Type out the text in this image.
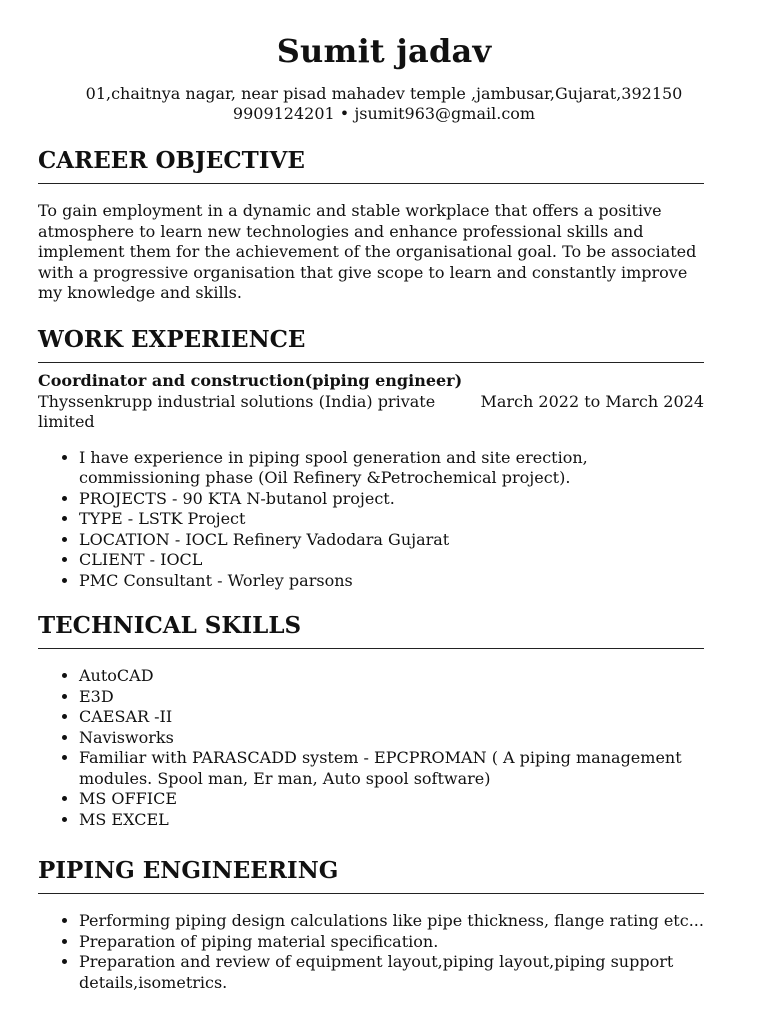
Sumit jadav
01,chaitnya nagar, near pisad mahadev temple ,jambusar,Gujarat,392150
9909124201 • jsumit963@gmail.com
CAREER OBJECTIVE
To gain employment in a dynamic and stable workplace that offers a positive atmosphere to learn new technologies and enhance professional skills and implement them for the achievement of the organisational goal. To be associated with a progressive organisation that give scope to learn and constantly improve my knowledge and skills.
WORK EXPERIENCE
Coordinator and construction(piping engineer)
Thyssenkrupp industrial solutions (India) private limited
March 2022 to March 2024
• I have experience in piping spool generation and site erection, commissioning phase (Oil Refinery &Petrochemical project).
• PROJECTS - 90 KTA N-butanol project.
• TYPE - LSTK Project
• LOCATION - IOCL Refinery Vadodara Gujarat
• CLIENT - IOCL
• PMC Consultant - Worley parsons
TECHNICAL SKILLS
• AutoCAD
• E3D
• CAESAR -II
• Navisworks
• Familiar with PARASCADD system - EPCPROMAN ( A piping management modules. Spool man, Er man, Auto spool software)
• MS OFFICE
• MS EXCEL
PIPING ENGINEERING
• Performing piping design calculations like pipe thickness, flange rating etc...
• Preparation of piping material specification.
• Preparation and review of equipment layout,piping layout,piping support details,isometrics.
